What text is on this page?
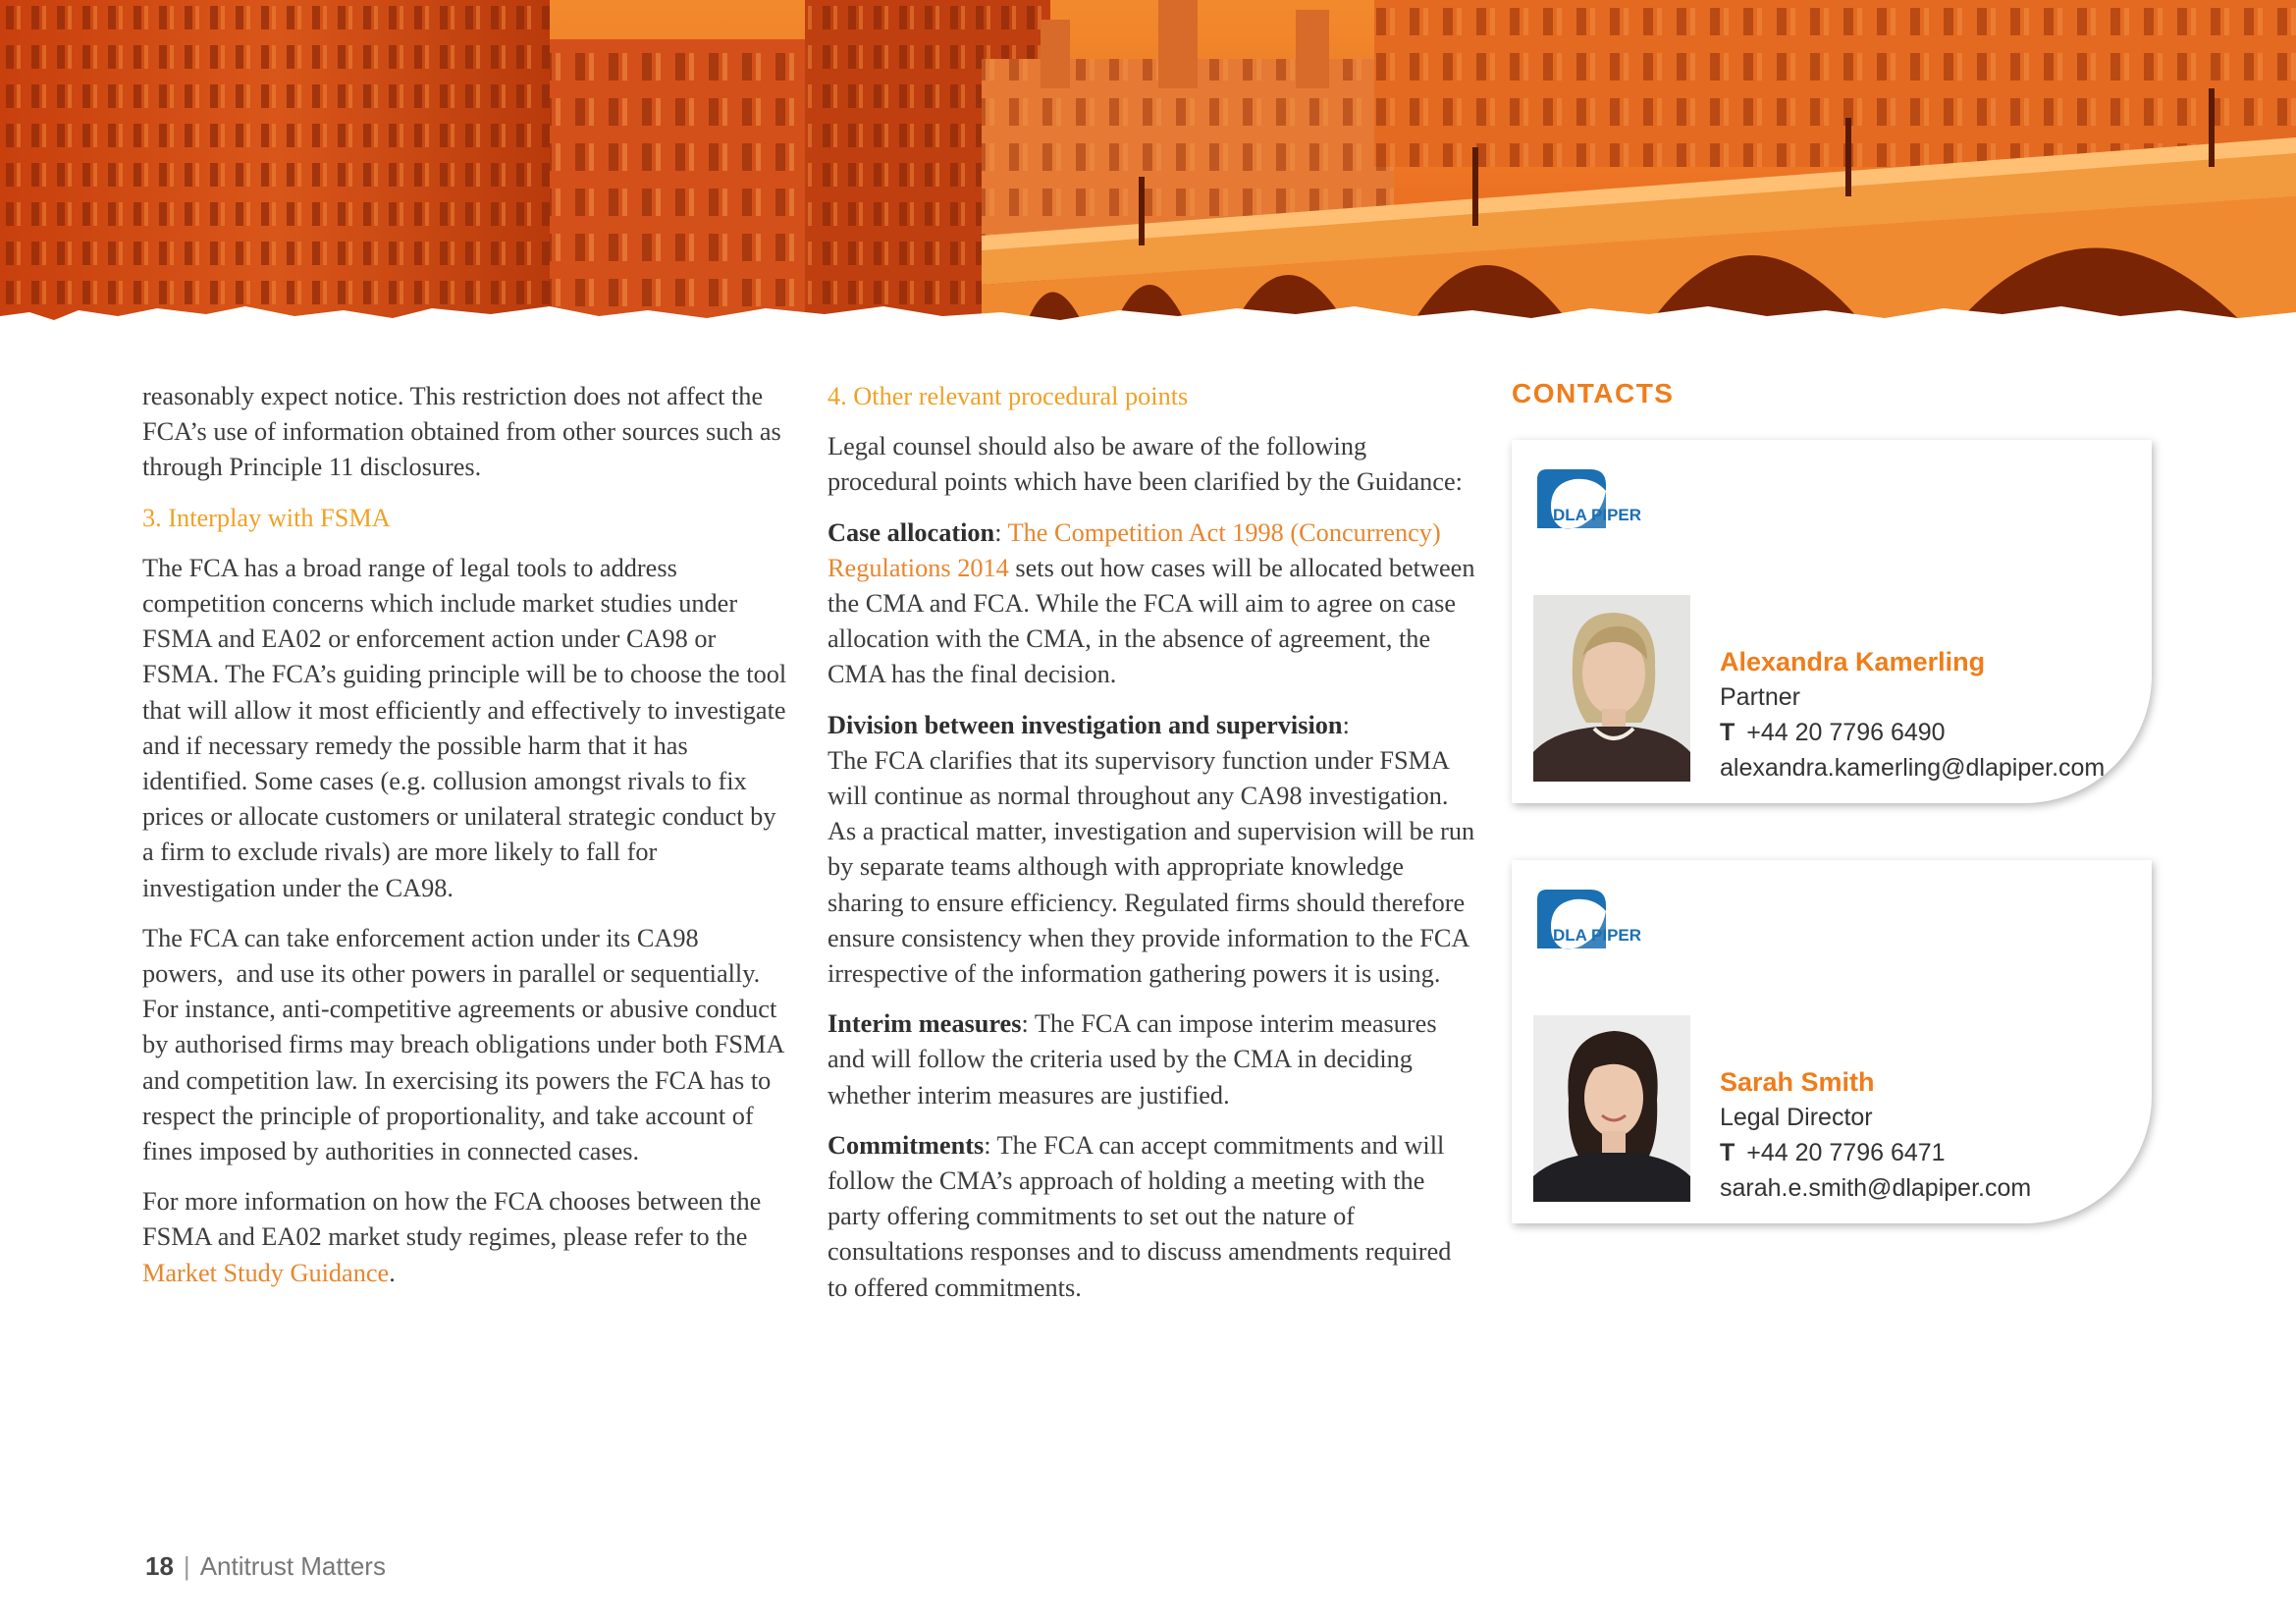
reasonably expect notice. This restriction does not affect the FCA’s use of information obtained from other sources such as through Principle 11 disclosures.

3. Interplay with FSMA

The FCA has a broad range of legal tools to address competition concerns which include market studies under FSMA and EA02 or enforcement action under CA98 or FSMA. The FCA’s guiding principle will be to choose the tool that will allow it most efficiently and effectively to investigate and if necessary remedy the possible harm that it has identified. Some cases (e.g. collusion amongst rivals to fix prices or allocate customers or unilateral strategic conduct by a firm to exclude rivals) are more likely to fall for investigation under the CA98.

The FCA can take enforcement action under its CA98 powers,  and use its other powers in parallel or sequentially. For instance, anti-competitive agreements or abusive conduct by authorised firms may breach obligations under both FSMA and competition law. In exercising its powers the FCA has to respect the principle of proportionality, and take account of fines imposed by authorities in connected cases.

For more information on how the FCA chooses between the FSMA and EA02 market study regimes, please refer to the Market Study Guidance.

4. Other relevant procedural points

Legal counsel should also be aware of the following procedural points which have been clarified by the Guidance:

Case allocation: The Competition Act 1998 (Concurrency) Regulations 2014 sets out how cases will be allocated between the CMA and FCA. While the FCA will aim to agree on case allocation with the CMA, in the absence of agreement, the CMA has the final decision.

Division between investigation and supervision:
The FCA clarifies that its supervisory function under FSMA will continue as normal throughout any CA98 investigation. As a practical matter, investigation and supervision will be run by separate teams although with appropriate knowledge sharing to ensure efficiency. Regulated firms should therefore ensure consistency when they provide information to the FCA irrespective of the information gathering powers it is using.

Interim measures: The FCA can impose interim measures and will follow the criteria used by the CMA in deciding whether interim measures are justified.

Commitments: The FCA can accept commitments and will follow the CMA’s approach of holding a meeting with the party offering commitments to set out the nature of consultations responses and to discuss amendments required to offered commitments.

CONTACTS
DLA PIPER
Alexandra Kamerling
Partner
T +44 20 7796 6490
alexandra.kamerling@dlapiper.com
DLA PIPER
Sarah Smith
Legal Director
T +44 20 7796 6471
sarah.e.smith@dlapiper.com

18 | Antitrust Matters
